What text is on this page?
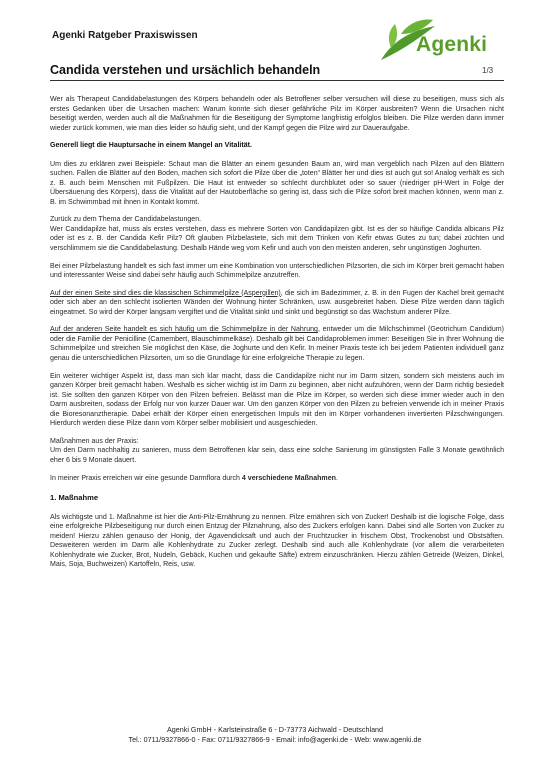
Agenki Ratgeber Praxiswissen	Agenki
Candida verstehen und ursächlich behandeln	1/3

Wer als Therapeut Candidabelastungen des Körpers behandeln oder als Betroffener selber versuchen will diese zu beseitigen, muss sich als erstes Gedanken über die Ursachen machen: Warum konnte sich dieser gefährliche Pilz im Körper ausbreiten? Wenn die Ursachen nicht beseitigt werden, werden auch all die Maßnahmen für die Beseitigung der Symptome langfristig erfolglos bleiben. Die Pilze werden dann immer wieder zurück kommen, wie man dies leider so häufig sieht, und der Kampf gegen die Pilze wird zur Daueraufgabe.

Generell liegt die Hauptursache in einem Mangel an Vitalität.

Um dies zu erklären zwei Beispiele: Schaut man die Blätter an einem gesunden Baum an, wird man vergeblich nach Pilzen auf den Blättern suchen. Fallen die Blätter auf den Boden, machen sich sofort die Pilze über die „toten“ Blätter her und dies ist auch gut so! Analog verhält es sich z. B. auch beim Menschen mit Fußpilzen. Die Haut ist entweder so schlecht durchblutet oder so sauer (niedriger pH-Wert in Folge der Übersäuerung des Körpers), dass die Vitalität auf der Hautoberfläche so gering ist, dass sich die Pilze sofort breit machen können, wenn man z. B. im Schwimmbad mit ihnen in Kontakt kommt.

Zurück zu dem Thema der Candidabelastungen.
Wer Candidapilze hat, muss als erstes verstehen, dass es mehrere Sorten von Candidapilzen gibt. Ist es der so häufige Candida albicans Pilz oder ist es z. B. der Candida Kefir Pilz? Oft glauben Pilzbelastete, sich mit dem Trinken von Kefir etwas Gutes zu tun; dabei züchten und verschlimmern sie die Candidabelastung. Deshalb Hände weg vom Kefir und auch von den meisten anderen, sehr ungünstigen Joghurten.

Bei einer Pilzbelastung handelt es sich fast immer um eine Kombination von unterschiedlichen Pilzsorten, die sich im Körper breit gemacht haben und interessanter Weise sind dabei sehr häufig auch Schimmelpilze anzutreffen.

Auf der einen Seite sind dies die klassischen Schimmelpilze (Aspergillen), die sich im Badezimmer, z. B. in den Fugen der Kachel breit gemacht oder sich aber an den schlecht isolierten Wänden der Wohnung hinter Schränken, usw. ausgebreitet haben. Diese Pilze werden dann täglich eingeatmet. So wird der Körper langsam vergiftet und die Vitalität sinkt und sinkt und begünstigt so das Wachstum anderer Pilze.

Auf der anderen Seite handelt es sich häufig um die Schimmelpilze in der Nahrung, entweder um die Milchschimmel (Geotrichum Candidum) oder die Familie der Penicilline (Camembert, Blauschimmelkäse). Deshalb gilt bei Candidaproblemen immer: Beseitigen Sie in Ihrer Wohnung die Schimmelpilze und streichen Sie möglichst den Käse, die Joghurte und den Kefir. In meiner Praxis teste ich bei jedem Patienten individuell ganz genau die unterschiedlichen Pilzsorten, um so die Grundlage für eine erfolgreiche Therapie zu legen.

Ein weiterer wichtiger Aspekt ist, dass man sich klar macht, dass die Candidapilze nicht nur im Darm sitzen, sondern sich meistens auch im ganzen Körper breit gemacht haben. Weshalb es sicher wichtig ist im Darm zu beginnen, aber nicht aufzuhören, wenn der Darm richtig besiedelt ist. Sie sollten den ganzen Körper von den Pilzen befreien. Belässt man die Pilze im Körper, so werden sich diese immer wieder auch in den Darm ausbreiten, sodass der Erfolg nur von kurzer Dauer war. Um den ganzen Körper von den Pilzen zu befreien verwende ich in meiner Praxis die Bioresonanztherapie. Dabei erhält der Körper einen energetischen Impuls mit den im Körper vorhandenen invertierten Pilzschwingungen. Hierdurch werden diese Pilze dann vom Körper selber mobilisiert und ausgeschieden.

Maßnahmen aus der Praxis:
Um den Darm nachhaltig zu sanieren, muss dem Betroffenen klar sein, dass eine solche Sanierung im günstigsten Falle 3 Monate gewöhnlich eher 6 bis 9 Monate dauert.

In meiner Praxis erreichen wir eine gesunde Darmflora durch 4 verschiedene Maßnahmen.

1. Maßnahme

Als wichtigste und 1. Maßnahme ist hier die Anti-Pilz-Ernährung zu nennen. Pilze ernähren sich von Zucker! Deshalb ist die logische Folge, dass eine erfolgreiche Pilzbeseitigung nur durch einen Entzug der Pilznahrung, also des Zuckers erfolgen kann. Dabei sind alle Sorten von Zucker zu meiden! Hierzu zählen genauso der Honig, der Agavendicksaft und auch der Fruchtzucker in frischem Obst, Trockenobst und Obstsäften. Desweiteren werden im Darm alle Kohlenhydrate zu Zucker zerlegt. Deshalb sind auch alle Kohlenhydrate (vor allem die verarbeiteten Kohlenhydrate wie Zucker, Brot, Nudeln, Gebäck, Kuchen und gekaufte Säfte) extrem einzuschränken. Hierzu zählen Getreide (Weizen, Dinkel, Mais, Soja, Buchweizen) Kartoffeln, Reis, usw.

Agenki GmbH - Karlsteinstraße 6 - D-73773 Aichwald - Deutschland
Tel.: 0711/9327866-0 - Fax: 0711/9327866-9 - Email: info@agenki.de - Web: www.agenki.de
